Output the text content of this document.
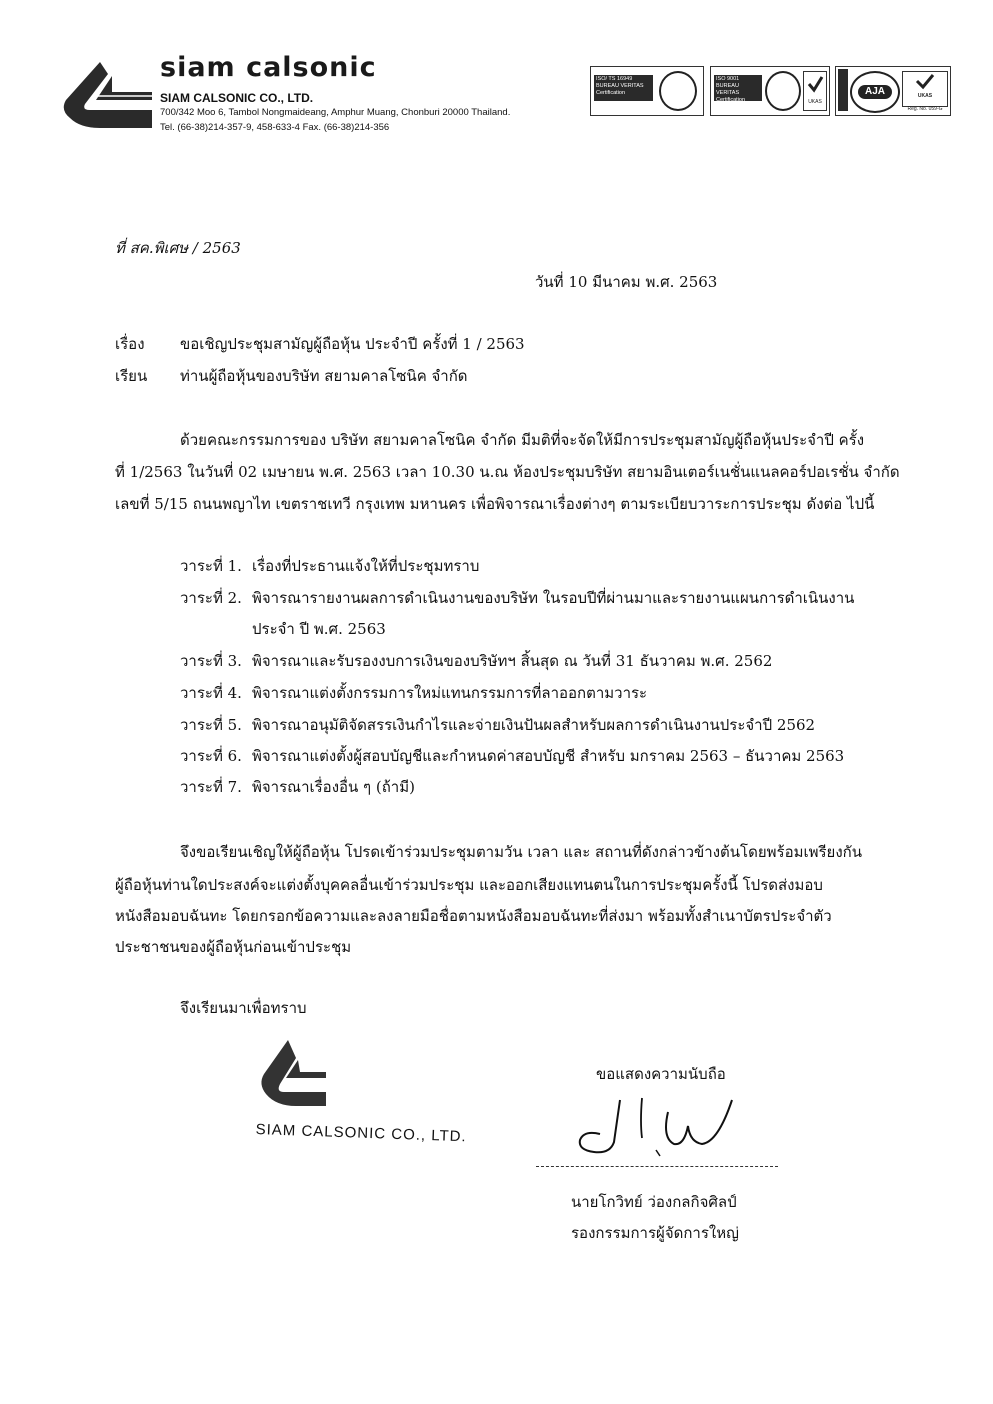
siam calsonic
SIAM CALSONIC CO., LTD.
700/342 Moo 6, Tambol Nongmaideang, Amphur Muang, Chonburi 20000 Thailand.
Tel. (66-38)214-357-9, 458-633-4 Fax. (66-38)214-356
ISO/ TS 16949
BUREAU VERITAS
Certification
ISO 9001
BUREAU VERITAS
Certification	UKAS
AJA	UKAS
Reg. No. 059-G
ที่ สค.พิเศษ / 2563
วันที่ 10 มีนาคม พ.ศ. 2563
เรื่อง ขอเชิญประชุมสามัญผู้ถือหุ้น ประจำปี ครั้งที่ 1 / 2563
เรียน ท่านผู้ถือหุ้นของบริษัท สยามคาลโซนิค จำกัด
ด้วยคณะกรรมการของ บริษัท สยามคาลโซนิค จำกัด มีมติที่จะจัดให้มีการประชุมสามัญผู้ถือหุ้นประจำปี ครั้ง
ที่ 1/2563 ในวันที่ 02 เมษายน พ.ศ. 2563 เวลา 10.30 น.ณ ห้องประชุมบริษัท สยามอินเตอร์เนชั่นแนลคอร์ปอเรชั่น จำกัด
เลขที่ 5/15 ถนนพญาไท เขตราชเทวี กรุงเทพ มหานคร เพื่อพิจารณาเรื่องต่างๆ ตามระเบียบวาระการประชุม ดังต่อ ไปนี้
วาระที่ 1. เรื่องที่ประธานแจ้งให้ที่ประชุมทราบ
วาระที่ 2. พิจารณารายงานผลการดำเนินงานของบริษัท ในรอบปีที่ผ่านมาและรายงานแผนการดำเนินงาน
ประจำ ปี พ.ศ. 2563
วาระที่ 3. พิจารณาและรับรองงบการเงินของบริษัทฯ สิ้นสุด ณ วันที่ 31 ธันวาคม พ.ศ. 2562
วาระที่ 4. พิจารณาแต่งตั้งกรรมการใหม่แทนกรรมการที่ลาออกตามวาระ
วาระที่ 5. พิจารณาอนุมัติจัดสรรเงินกำไรและจ่ายเงินปันผลสำหรับผลการดำเนินงานประจำปี 2562
วาระที่ 6. พิจารณาแต่งตั้งผู้สอบบัญชีและกำหนดค่าสอบบัญชี สำหรับ มกราคม 2563 – ธันวาคม 2563
วาระที่ 7. พิจารณาเรื่องอื่น ๆ (ถ้ามี)
จึงขอเรียนเชิญให้ผู้ถือหุ้น โปรดเข้าร่วมประชุมตามวัน เวลา และ สถานที่ดังกล่าวข้างต้นโดยพร้อมเพรียงกัน
ผู้ถือหุ้นท่านใดประสงค์จะแต่งตั้งบุคคลอื่นเข้าร่วมประชุม และออกเสียงแทนตนในการประชุมครั้งนี้ โปรดส่งมอบ
หนังสือมอบฉันทะ โดยกรอกข้อความและลงลายมือชื่อตามหนังสือมอบฉันทะที่ส่งมา พร้อมทั้งสำเนาบัตรประจำตัว
ประชาชนของผู้ถือหุ้นก่อนเข้าประชุม
จึงเรียนมาเพื่อทราบ
SIAM CALSONIC CO., LTD.
ขอแสดงความนับถือ
นายโกวิทย์ ว่องกลกิจศิลป์
รองกรรมการผู้จัดการใหญ่
